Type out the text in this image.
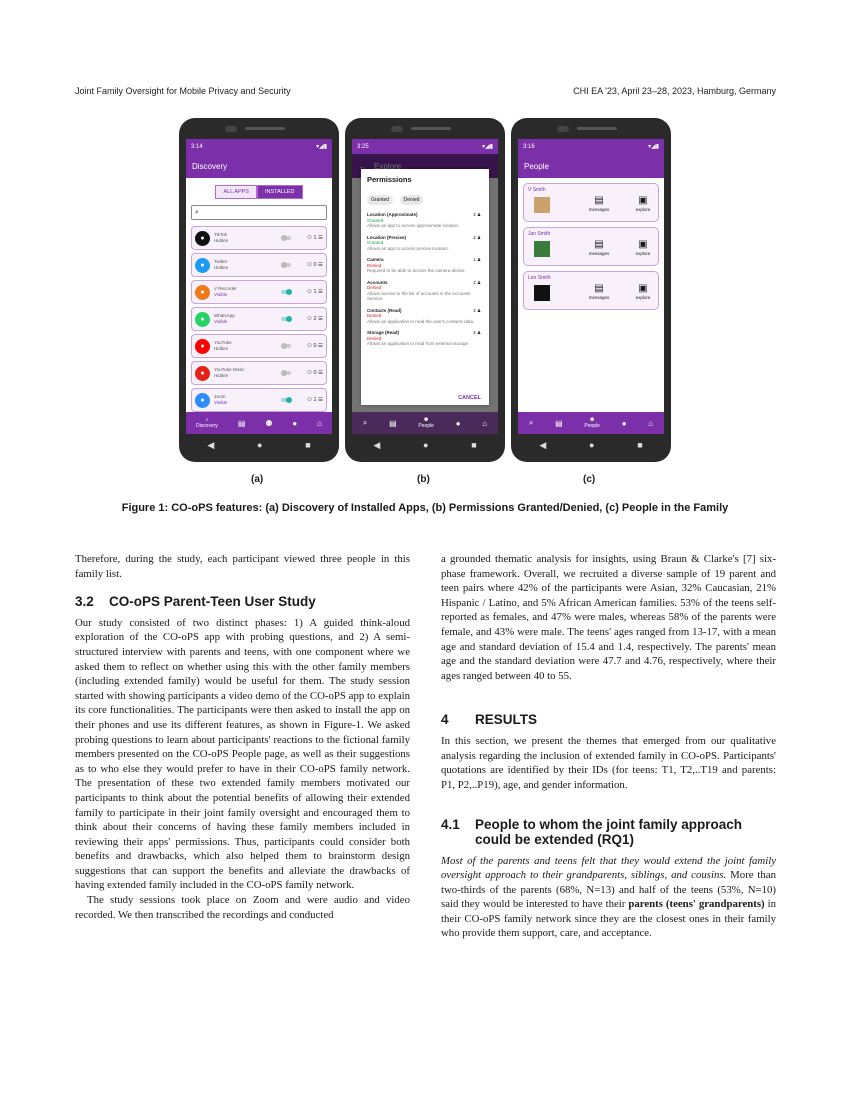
Joint Family Oversight for Mobile Privacy and Security	CHI EA '23, April 23–28, 2023, Hamburg, Germany
3:14	▾◢▮
Discovery
ALL APPS	INSTALLED
⌕
●	TikTok
Hidden	⚇ 1 ☰
●	Twitter
Hidden	⚇ 0 ☰
●	V Recorder
Visible	⚇ 1 ☰
●	WhatsApp
Visible	⚇ 2 ☰
●	YouTube
Hidden	⚇ 0 ☰
●	YouTube Music
Hidden	⚇ 0 ☰
●	Zoom
Visible	⚇ 1 ☰
⌕
Discovery ▤ ⚉ ● ⌂
◀	●	■
3:25	▾◢▮
Permissions
Granted	Denied
Location (Approximate)
Granted
Allows an app to access approximate location.
2 ♟
Location (Precise)
Granted
Allows an app to access precise location.
2 ♟
Camera
Denied
Required to be able to access the camera device.
1 ♟
Accounts
Denied
Allows access to the list of accounts in the Accounts Service.
2 ♟
Contacts (Read)
Denied
Allows an application to read the user's contacts data.
2 ♟
Storage (Read)
Denied
Allows an application to read from external storage.
2 ♟
CANCEL
⌕	▤	⚉
People	●	⌂
◀	●	■
3:16	▾◢▮
People
V Smith
▤
messages
▣
explore
Jan Smith
▤
messages
▣
explore
Leo Smith
▤
messages
▣
explore
⌕	▤	⚉
People	●	⌂
◀	●	■
(a)	(b)	(c)
Figure 1: CO-oPS features: (a) Discovery of Installed Apps, (b) Permissions Granted/Denied, (c) People in the Family

Therefore, during the study, each participant viewed three people in this family list.

3.2	CO-oPS Parent-Teen User Study

Our study consisted of two distinct phases: 1) A guided think-aloud exploration of the CO-oPS app with probing questions, and 2) A semi-structured interview with parents and teens, with one component where we asked them to reflect on whether using this with the other family members (including extended family) would be useful for them. The study session started with showing participants a video demo of the CO-oPS app to explain its core functionalities. The participants were then asked to install the app on their phones and use its different features, as shown in Figure-1. We asked probing questions to learn about participants' reactions to the fictional family members presented on the CO-oPS People page, as well as their suggestions as to who else they would prefer to have in their CO-oPS family network. The presentation of these two extended family members motivated our participants to think about the potential benefits of allowing their extended family to participate in their joint family oversight and encouraged them to think about their concerns of having these family members included in reviewing their apps' permissions. Thus, participants could consider both benefits and drawbacks, which also helped them to brainstorm design suggestions that can support the benefits and alleviate the drawbacks of having extended family included in the CO-oPS family network.

The study sessions took place on Zoom and were audio and video recorded. We then transcribed the recordings and conducted

a grounded thematic analysis for insights, using Braun & Clarke's [7] six-phase framework. Overall, we recruited a diverse sample of 19 parent and teen pairs where 42% of the participants were Asian, 32% Caucasian, 21% Hispanic / Latino, and 5% African American families. 53% of the teens self-reported as females, and 47% were males, whereas 58% of the parents were female, and 43% were male. The teens' ages ranged from 13-17, with a mean age and standard deviation of 15.4 and 1.4, respectively. The parents' mean age and the standard deviation were 47.7 and 4.76, respectively, where their ages ranged between 40 to 55.

4	RESULTS

In this section, we present the themes that emerged from our qualitative analysis regarding the inclusion of extended family in CO-oPS. Participants' quotations are identified by their IDs (for teens: T1, T2,..T19 and parents: P1, P2,..P19), age, and gender information.

4.1	People to whom the joint family approach could be extended (RQ1)

Most of the parents and teens felt that they would extend the joint family oversight approach to their grandparents, siblings, and cousins. More than two-thirds of the parents (68%, N=13) and half of the teens (53%, N=10) said they would be interested to have their parents (teens' grandparents) in their CO-oPS family network since they are the closest ones in their family who provide them support, care, and acceptance.
